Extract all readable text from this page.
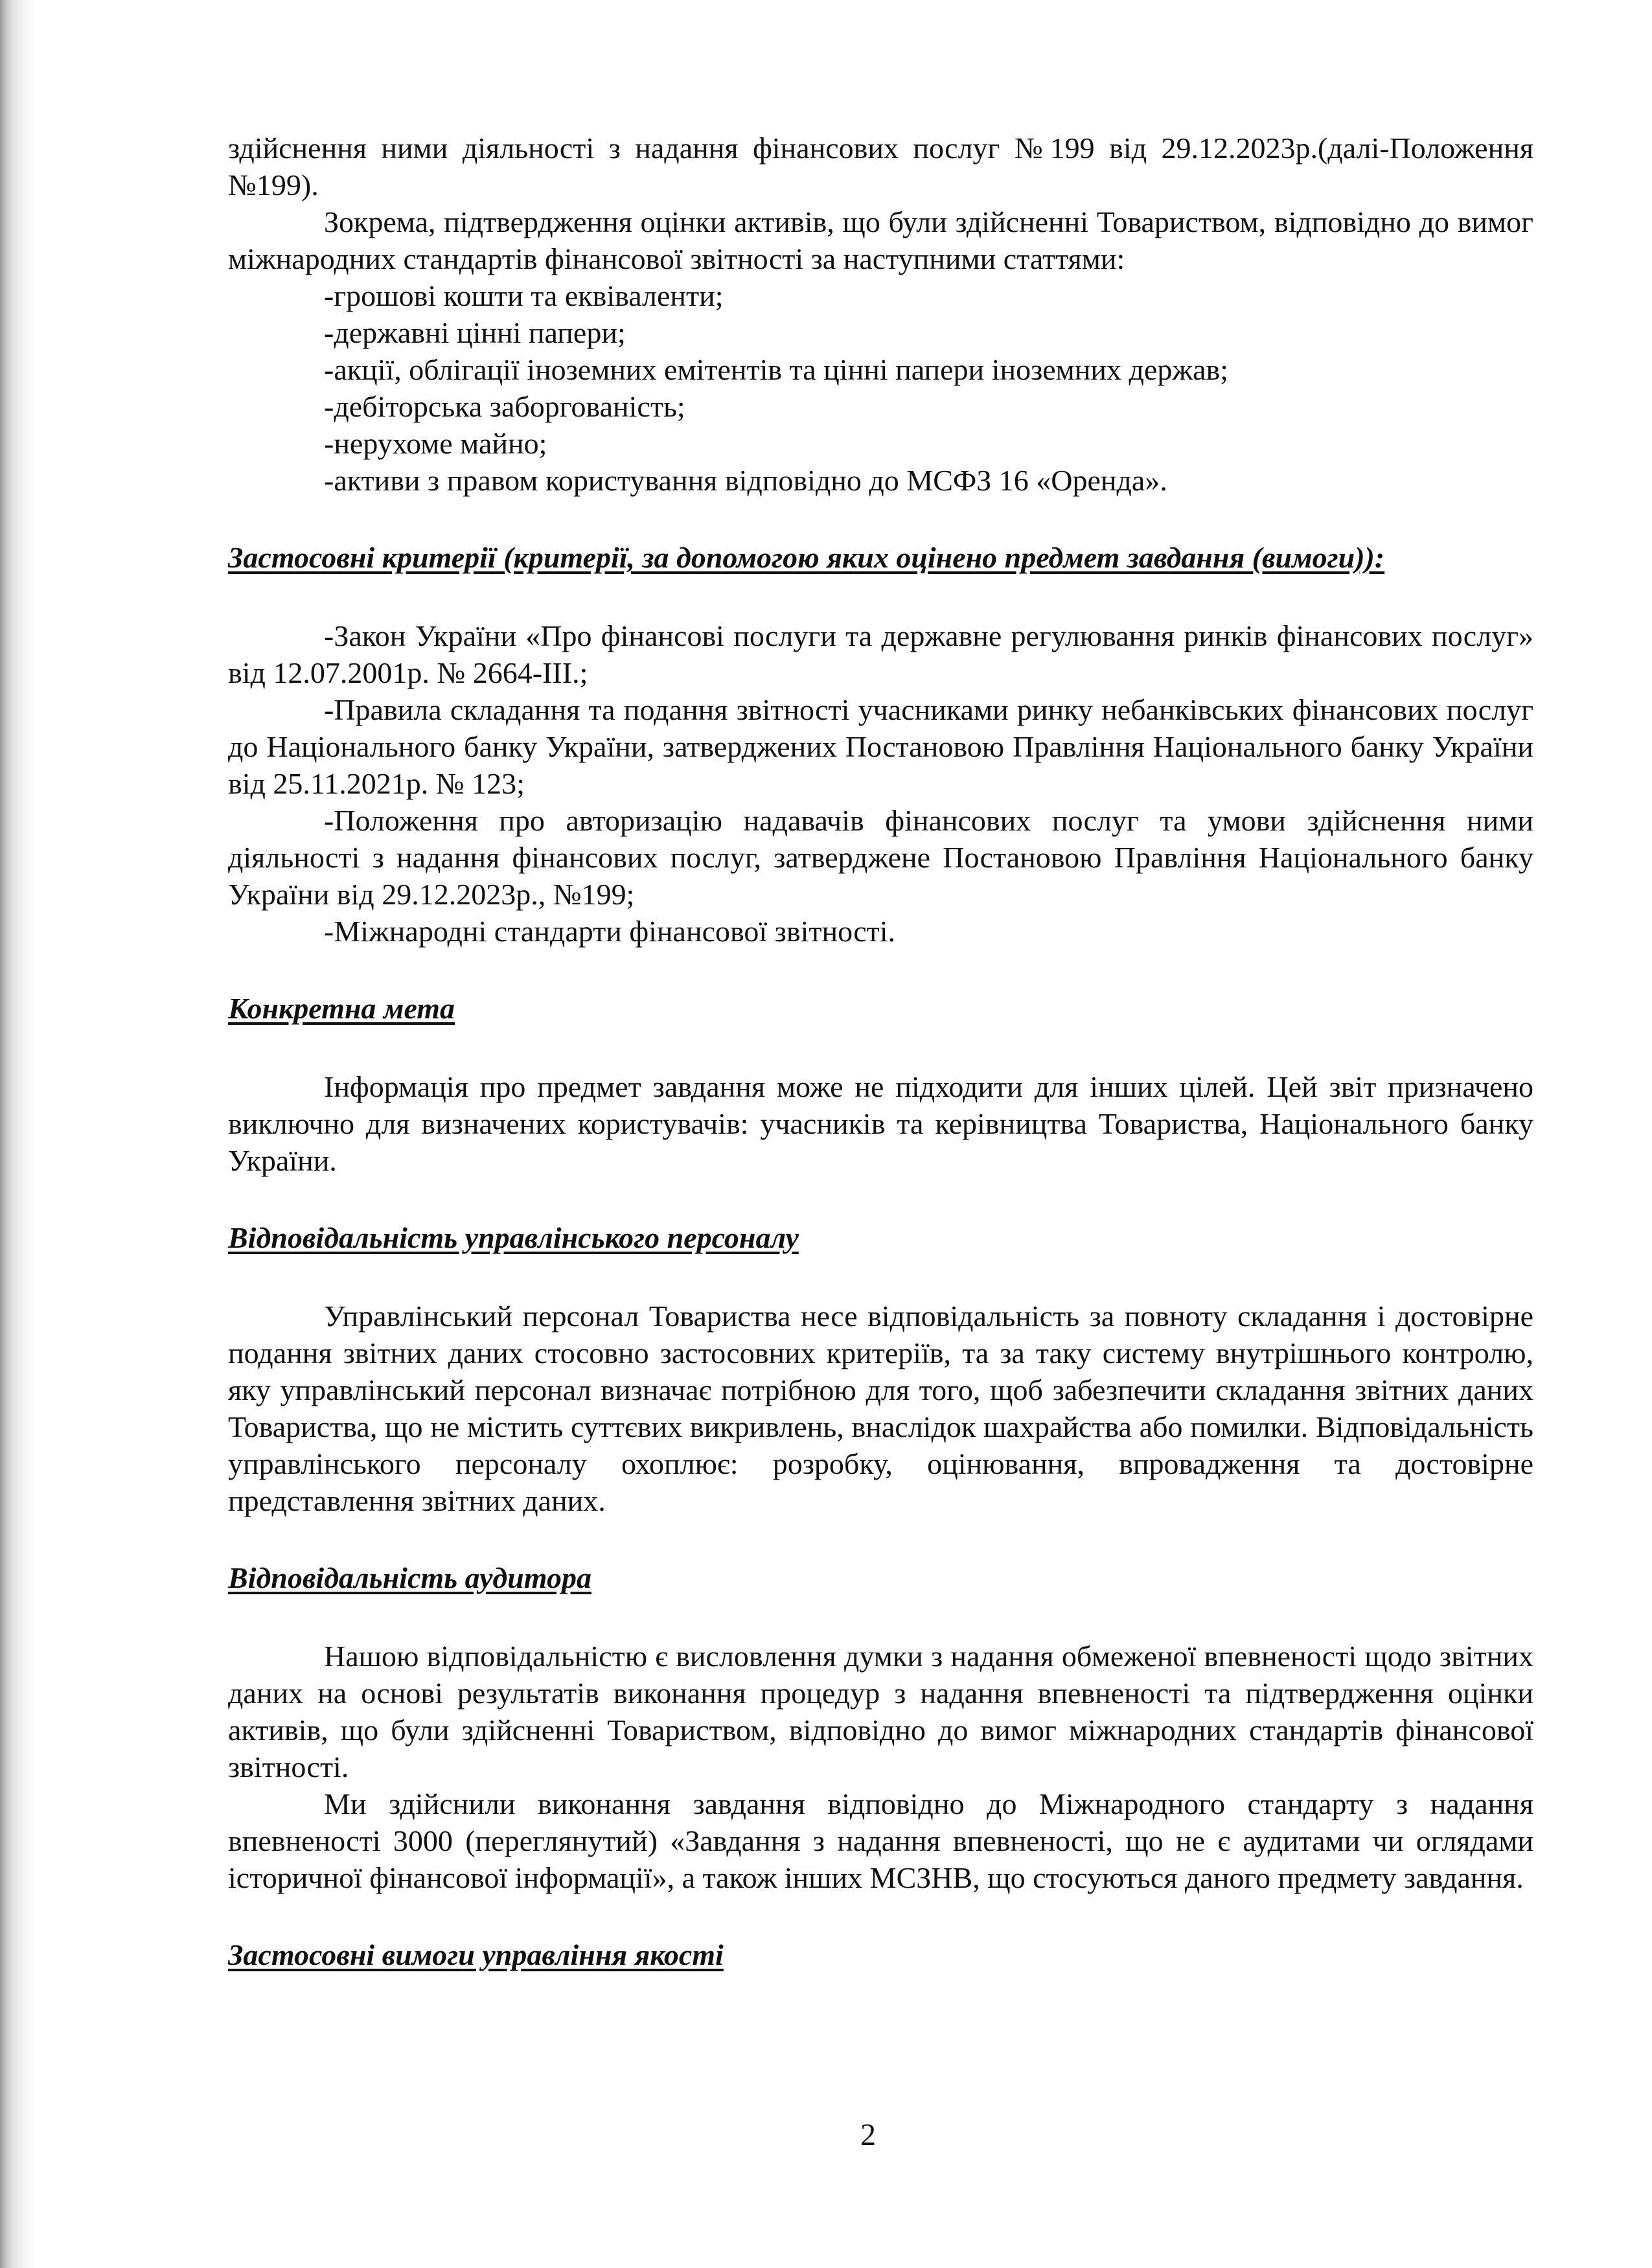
здійснення ними діяльності з надання фінансових послуг №199 від 29.12.2023р.(далі-Положення №199).

Зокрема, підтвердження оцінки активів, що були здійсненні Товариством, відповідно до вимог міжнародних стандартів фінансової звітності за наступними статтями:

-грошові кошти та еквіваленти;

-державні цінні папери;

-акції, облігації іноземних емітентів та цінні папери іноземних держав;

-дебіторська заборгованість;

-нерухоме майно;

-активи з правом користування відповідно до МСФЗ 16 «Оренда».

Застосовні критерії (критерії, за допомогою яких оцінено предмет завдання (вимоги)):

-Закон України «Про фінансові послуги та державне регулювання ринків фінансових послуг» від 12.07.2001р. № 2664-ІІІ.;

-Правила складання та подання звітності учасниками ринку небанківських фінансових послуг до Національного банку України, затверджених Постановою Правління Національного банку України від 25.11.2021р. № 123;

-Положення про авторизацію надавачів фінансових послуг та умови здійснення ними діяльності з надання фінансових послуг, затверджене Постановою Правління Національного банку України від 29.12.2023р., №199;

-Міжнародні стандарти фінансової звітності.

Конкретна мета

Інформація про предмет завдання може не підходити для інших цілей. Цей звіт призначено виключно для визначених користувачів: учасників та керівництва Товариства, Національного банку України.

Відповідальність управлінського персоналу

Управлінський персонал Товариства несе відповідальність за повноту складання і достовірне подання звітних даних стосовно застосовних критеріїв, та за таку систему внутрішнього контролю, яку управлінський персонал визначає потрібною для того, щоб забезпечити складання звітних даних Товариства, що не містить суттєвих викривлень, внаслідок шахрайства або помилки. Відповідальність управлінського персоналу охоплює: розробку, оцінювання, впровадження та достовірне представлення звітних даних.

Відповідальність аудитора

Нашою відповідальністю є висловлення думки з надання обмеженої впевненості щодо звітних даних на основі результатів виконання процедур з надання впевненості та підтвердження оцінки активів, що були здійсненні Товариством, відповідно до вимог міжнародних стандартів фінансової звітності.

Ми здійснили виконання завдання відповідно до Міжнародного стандарту з надання впевненості 3000 (переглянутий) «Завдання з надання впевненості, що не є аудитами чи оглядами історичної фінансової інформації», а також інших МСЗНВ, що стосуються даного предмету завдання.

Застосовні вимоги управління якості

2
